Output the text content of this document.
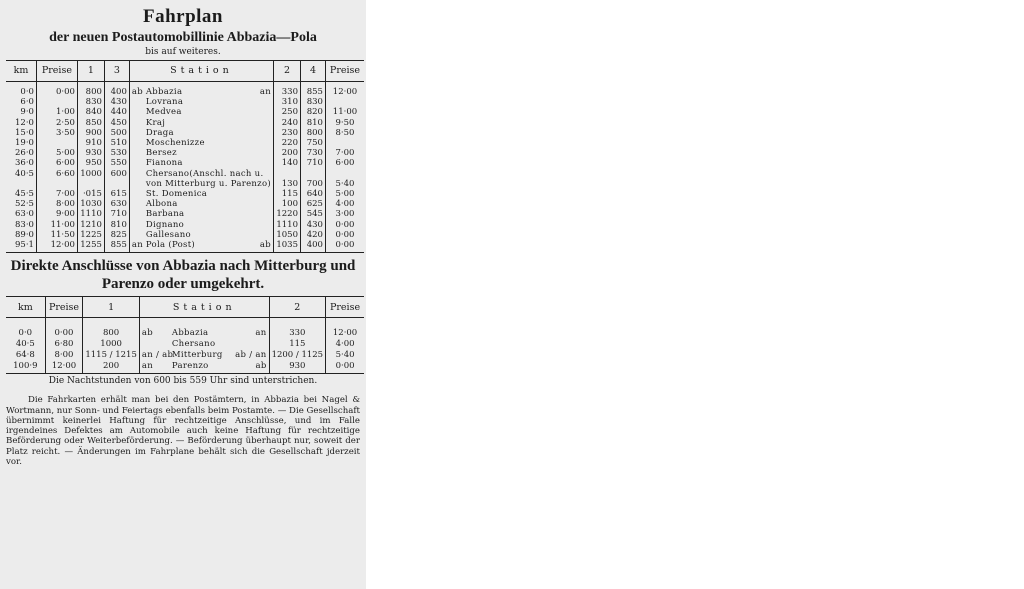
Fahrplan
der neuen Postautomobillinie Abbazia—Pola
bis auf weiteres.
km	Preise	1	3	Station	2	4	Preise
0·0	0·00	800	400	ab Abbazia an	330	855	12·00
6·0		830	430	Lovrana	310	830	
9·0	1·00	840	440	Medvea	250	820	11·00
12·0	2·50	850	450	Kraj	240	810	9·50
15·0	3·50	900	500	Draga	230	800	8·50
19·0		910	510	Moschenizze	220	750	
26·0	5·00	930	530	Bersez	200	730	7·00
36·0	6·00	950	550	Fianona	140	710	6·00
40·5	6·60	1000	600	Chersano(Anschl. nach u.

				von Mitterburg u. Parenzo)	130	700	5·40
45·5	7·00	·015	615	St. Domenica	115	640	5·00
52·5	8·00	1030	630	Albona	100	625	4·00
63·0	9·00	1110	710	Barbana	1220	545	3·00
83·0	11·00	1210	810	Dignano	1110	430	0·00
89·0	11·50	1225	825	Gallesano	1050	420	0·00
95·1	12·00	1255	855	an Pola (Post) ab	1035	400	0·00
Direkte Anschlüsse von Abbazia nach Mitterburg und Parenzo oder umgekehrt.
km	Preise	1	Station	2	Preise
0·0	0·00	800	ab Abbazia an	330	12·00
40·5	6·80	1000	Chersano	115	4·00
64·8	8·00	1115 / 1215	an / abMitterburg ab / an	1200 / 1125	5·40
100·9	12·00	200	an Parenzo ab	930	0·00
Die Nachtstunden von 600 bis 559 Uhr sind unterstrichen.
Die Fahrkarten erhält man bei den Postämtern, in Abbazia bei Nagel & Wortmann, nur Sonn- und Feiertags ebenfalls beim Postamte. — Die Gesellschaft übernimmt keinerlei Haftung für rechtzeitige Anschlüsse, und im Falle irgendeines Defektes am Automobile auch keine Haftung für rechtzeitige Beförderung oder Weiterbeförderung. — Beförderung überhaupt nur, soweit der Platz reicht. — Änderungen im Fahrplane behält sich die Gesellschaft jderzeit vor.
